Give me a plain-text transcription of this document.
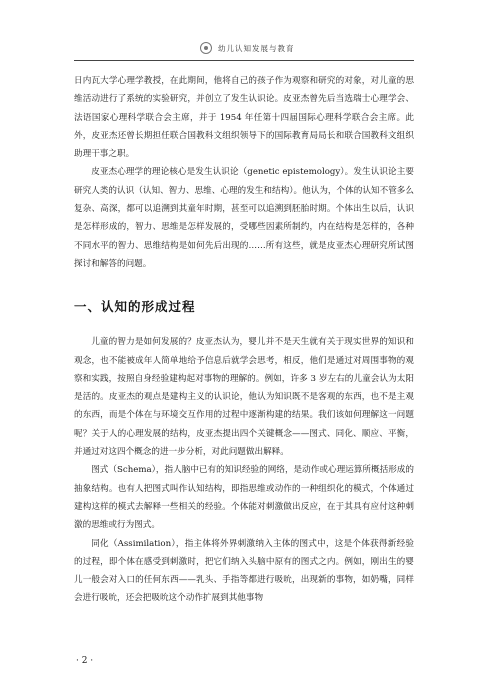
幼儿认知发展与教育

日内瓦大学心理学教授，在此期间，他将自己的孩子作为观察和研究的对象，对儿童的思维活动进行了系统的实验研究，并创立了发生认识论。皮亚杰曾先后当选瑞士心理学会、法语国家心理科学联合会主席，并于 1954 年任第十四届国际心理科学联合会主席。此外，皮亚杰还曾长期担任联合国教科文组织领导下的国际教育局局长和联合国教科文组织助理干事之职。

皮亚杰心理学的理论核心是发生认识论（genetic epistemology）。发生认识论主要研究人类的认识（认知、智力、思维、心理的发生和结构）。他认为，个体的认知不管多么复杂、高深，都可以追溯到其童年时期，甚至可以追溯到胚胎时期。个体出生以后，认识是怎样形成的，智力、思维是怎样发展的，受哪些因素所制约，内在结构是怎样的，各种不同水平的智力、思维结构是如何先后出现的……所有这些，就是皮亚杰心理研究所试图探讨和解答的问题。

一、认知的形成过程

儿童的智力是如何发展的？皮亚杰认为，婴儿并不是天生就有关于现实世界的知识和观念，也不能被成年人简单地给予信息后就学会思考，相反，他们是通过对周围事物的观察和实践，按照自身经验建构起对事物的理解的。例如，许多 3 岁左右的儿童会认为太阳是活的。皮亚杰的观点是建构主义的认识论，他认为知识既不是客观的东西，也不是主观的东西，而是个体在与环境交互作用的过程中逐渐构建的结果。我们该如何理解这一问题呢？关于人的心理发展的结构，皮亚杰提出四个关键概念——图式、同化、顺应、平衡，并通过对这四个概念的进一步分析，对此问题做出解释。

图式（Schema），指人脑中已有的知识经验的网络，是动作或心理运算所概括形成的抽象结构。也有人把图式叫作认知结构，即指思维或动作的一种组织化的模式，个体通过建构这样的模式去解释一些相关的经验。个体能对刺激做出反应，在于其具有应付这种刺激的思维或行为图式。

同化（Assimilation），指主体将外界刺激纳入主体的图式中，这是个体获得新经验的过程，即个体在感受到刺激时，把它们纳入头脑中原有的图式之内。例如，刚出生的婴儿一般会对入口的任何东西——乳头、手指等都进行吸吮，出现新的事物，如奶嘴，同样会进行吸吮，还会把吸吮这个动作扩展到其他事物

· 2 ·
